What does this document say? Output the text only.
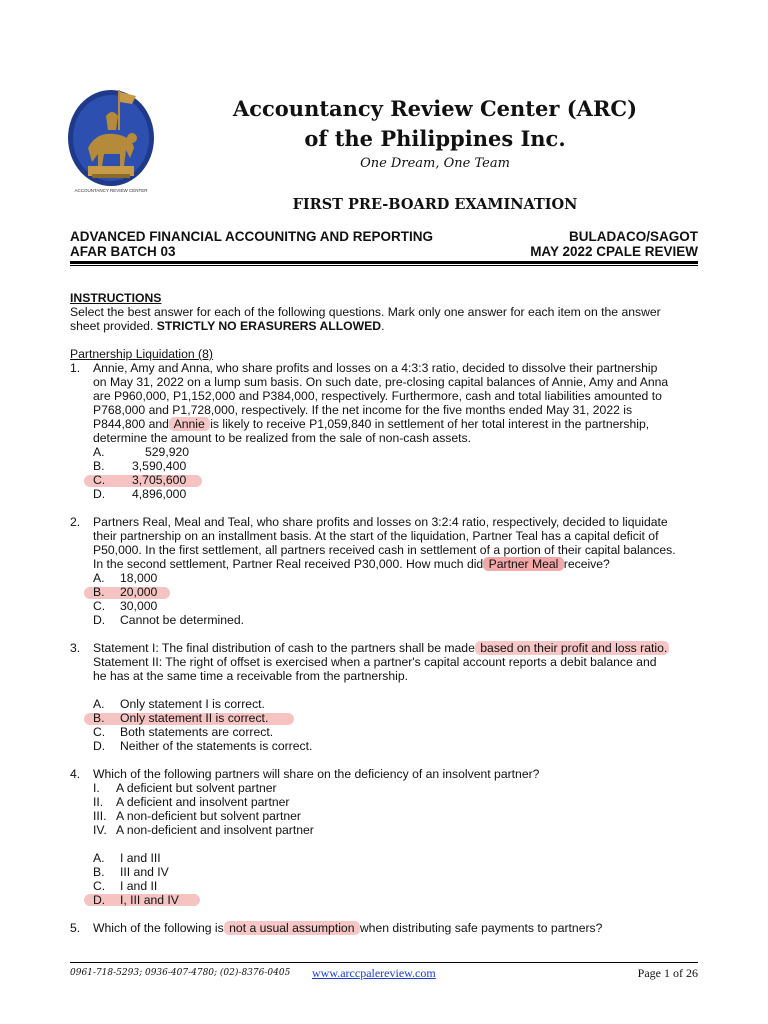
ACCOUNTANCY REVIEW CENTER
Accountancy Review Center (ARC)
of the Philippines Inc.
One Dream, One Team
FIRST PRE-BOARD EXAMINATION
ADVANCED FINANCIAL ACCOUNITNG AND REPORTING
AFAR BATCH 03
BULADACO/SAGOT
MAY 2022 CPALE REVIEW
INSTRUCTIONS
Select the best answer for each of the following questions. Mark only one answer for each item on the answer
sheet provided. STRICTLY NO ERASURERS ALLOWED.
Partnership Liquidation (8)
1. Annie, Amy and Anna, who share profits and losses on a 4:3:3 ratio, decided to dissolve their partnership
on May 31, 2022 on a lump sum basis. On such date, pre-closing capital balances of Annie, Amy and Anna
are P960,000, P1,152,000 and P384,000, respectively. Furthermore, cash and total liabilities amounted to
P768,000 and P1,728,000, respectively. If the net income for the five months ended May 31, 2022 is
P844,800 and Annie is likely to receive P1,059,840 in settlement of her total interest in the partnership,
determine the amount to be realized from the sale of non-cash assets.
A.	529,920
B. 3,590,400
C. 3,705,600
D. 4,896,000
2. Partners Real, Meal and Teal, who share profits and losses on 3:2:4 ratio, respectively, decided to liquidate
their partnership on an installment basis. At the start of the liquidation, Partner Teal has a capital deficit of
P50,000. In the first settlement, all partners received cash in settlement of a portion of their capital balances.
In the second settlement, Partner Real received P30,000. How much did Partner Meal receive?
A. 18,000
B. 20,000
C. 30,000
D. Cannot be determined.
3. Statement I: The final distribution of cash to the partners shall be made based on their profit and loss ratio.
Statement II: The right of offset is exercised when a partner's capital account reports a debit balance and
he has at the same time a receivable from the partnership.
A. Only statement I is correct.
B. Only statement II is correct.
C. Both statements are correct.
D. Neither of the statements is correct.
4. Which of the following partners will share on the deficiency of an insolvent partner?
I. A deficient but solvent partner
II. A deficient and insolvent partner
III. A non-deficient but solvent partner
IV. A non-deficient and insolvent partner
A. I and III
B. III and IV
C. I and II
D. I, III and IV
5. Which of the following is not a usual assumption when distributing safe payments to partners?
0961-718-5293; 0936-407-4780; (02)-8376-0405 www.arccpalereview.com	Page 1 of 26
